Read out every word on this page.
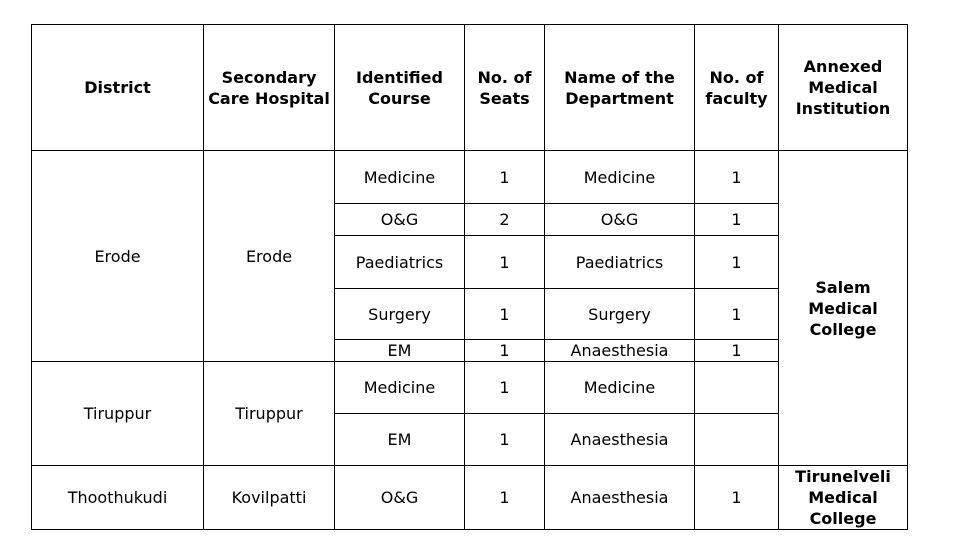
District	Secondary Care Hospital	Identified Course	No. of Seats	Name of the Department	No. of faculty	Annexed Medical Institution
Erode	Erode	Medicine	1	Medicine	1	Salem Medical College
		O&G	2	O&G	1	
		Paediatrics	1	Paediatrics	1	
		Surgery	1	Surgery	1	
		EM	1	Anaesthesia	1	
Tiruppur	Tiruppur	Medicine	1	Medicine		
		EM	1	Anaesthesia		
Thoothukudi	Kovilpatti	O&G	1	Anaesthesia	1	Tirunelveli Medical College
